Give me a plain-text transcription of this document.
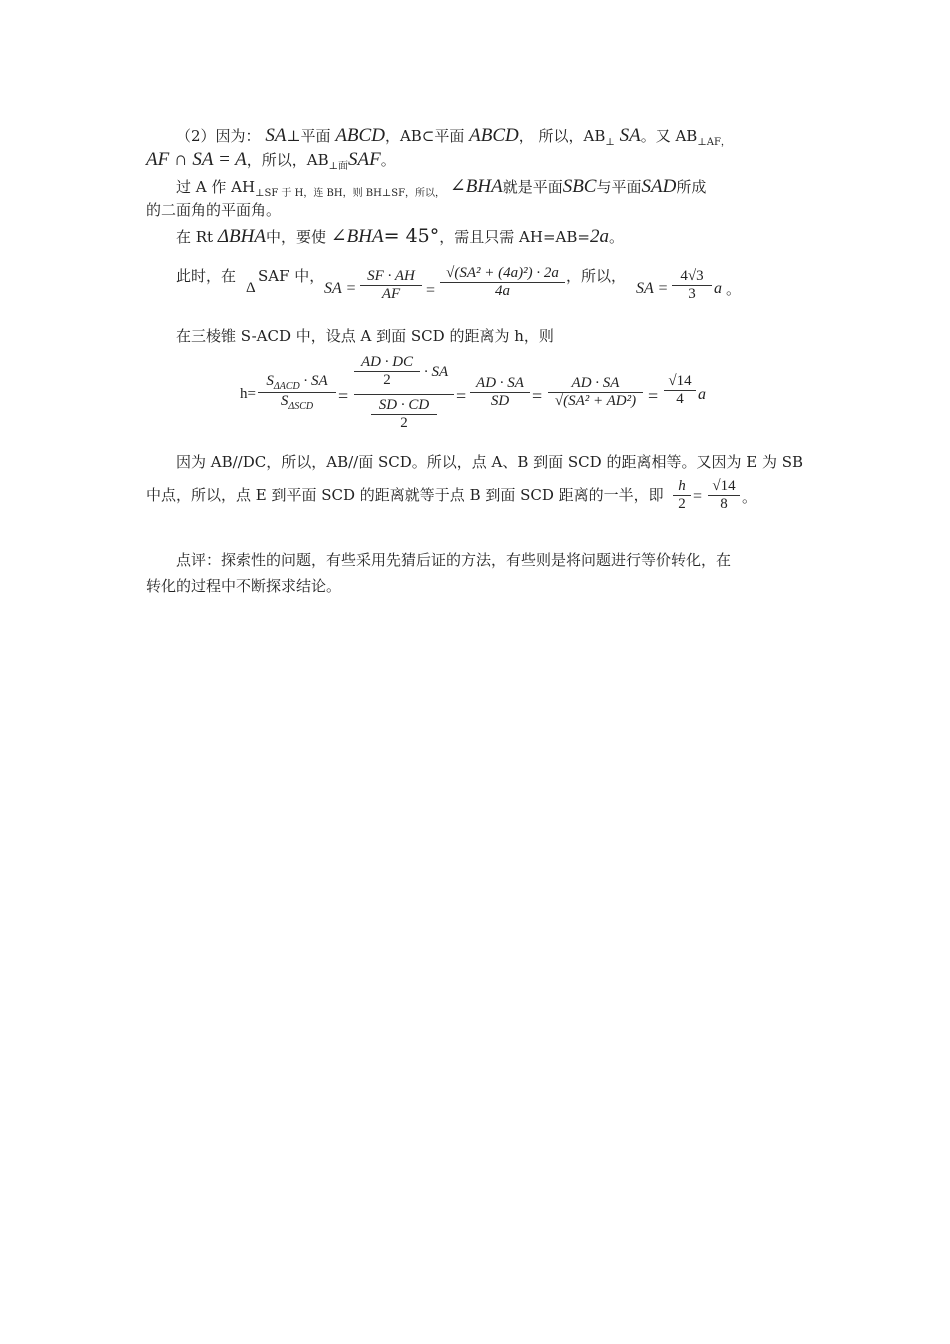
（2）因为： SA⊥平面 ABCD，AB⊂平面 ABCD， 所以，$AB_\perp$ SA。又 $AB_{\perp AF,}$
AF ∩ SA = A，所以，$AB_{\perp 面}SAF$。
过 A 作 $AH_{\perp SF 于 H,连 BH,则 BH\perp SF,所以,}$ ∠BHA就是平面SBC与平面SAD所成
的二面角的平面角。
在 Rt ΔBHA中，要使 ∠BHA= 45°，需且只需 AH=AB=2a。
此时，在
Δ
SAF 中，
SA = $\frac{SF \cdot AH}{AF} = \frac{\text{√(SA² + (4a)²) · 2a}}{4a}$ ，所以，
SA = $\frac{4√3}{3}$ a 。
在三棱锥 S-ACD 中，设点 A 到面 SCD 的距离为 h，则
h=
$S_{\Delta ACD}$ · SA
$S_{\Delta SCD}$
= $\frac{AD \cdot DC}{2}$ · SA
SD · CD
$2 = \frac{AD \cdot SA}{SD} = \frac{AD \cdot SA}{\text{√(SA² + AD²)}} = \frac{√14}{4}$ a
因为 AB//DC，所以，AB//面 SCD。所以，点 A、B 到面 SCD 的距离相等。又因为 E 为 SB
中点，所以，点 E 到平面 SCD 的距离就等于点 B 到面 SCD 距离的一半，即 $\frac{h}{2} = \frac{√14}{8}$ 。
点评：探索性的问题，有些采用先猜后证的方法，有些则是将问题进行等价转化，在
转化的过程中不断探求结论。
